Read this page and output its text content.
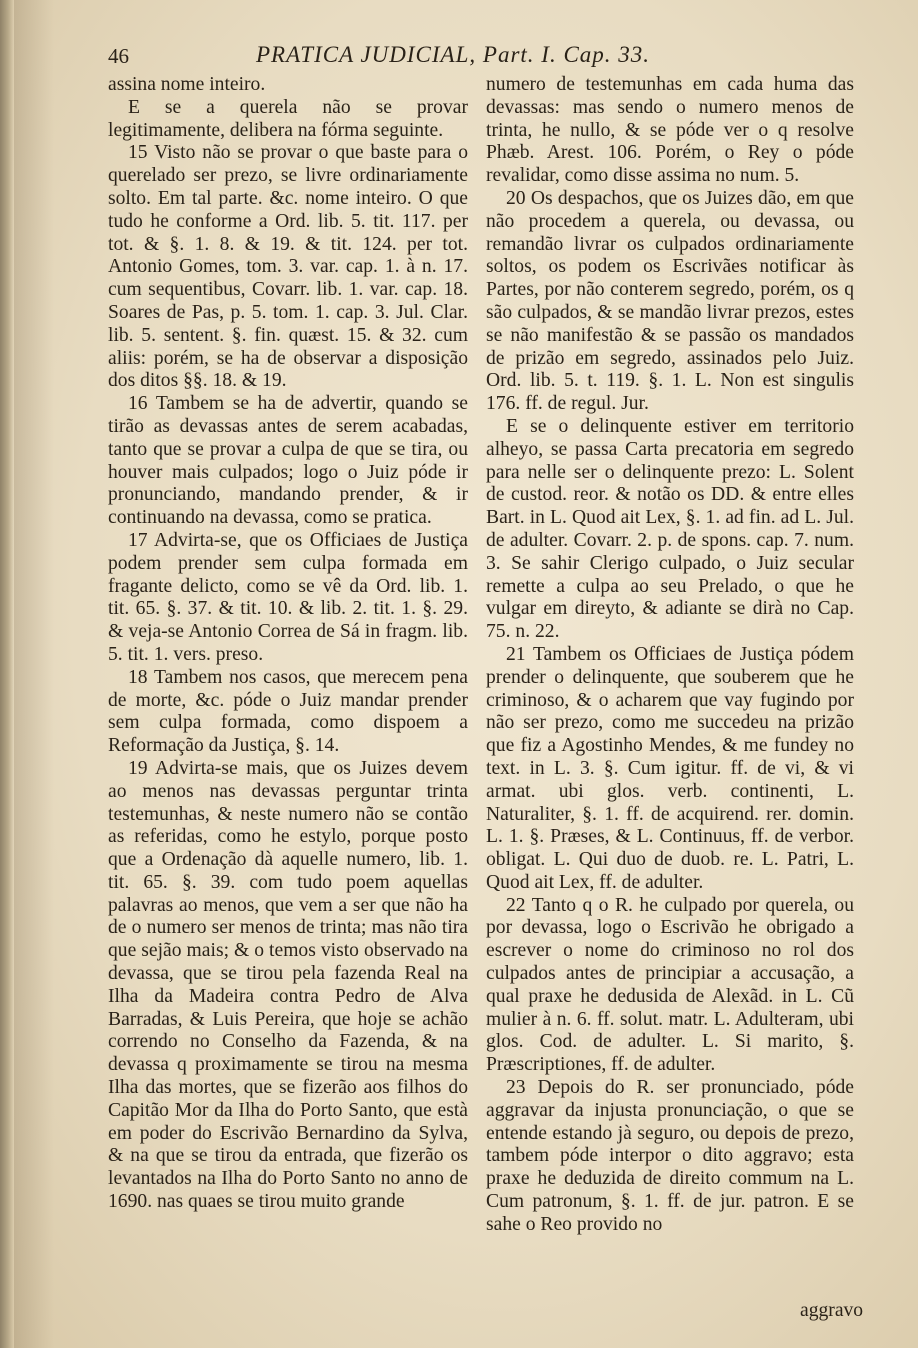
46	PRATICA JUDICIAL, Part. I. Cap. 33.

assina nome inteiro.

E se a querela não se provar legitimamente, delibera na fórma seguinte.

15 Visto não se provar o que baste para o querelado ser prezo, se livre ordinariamente solto. Em tal parte. &c. nome inteiro. O que tudo he conforme a Ord. lib. 5. tit. 117. per tot. & §. 1. 8. & 19. & tit. 124. per tot. Antonio Gomes, tom. 3. var. cap. 1. à n. 17. cum sequentibus, Covarr. lib. 1. var. cap. 18. Soares de Pas, p. 5. tom. 1. cap. 3. Jul. Clar. lib. 5. sentent. §. fin. quæst. 15. & 32. cum aliis: porém, se ha de observar a disposição dos ditos §§. 18. & 19.

16 Tambem se ha de advertir, quando se tirão as devassas antes de serem acabadas, tanto que se provar a culpa de que se tira, ou houver mais culpados; logo o Juiz póde ir pronunciando, mandando prender, & ir continuando na devassa, como se pratica.

17 Advirta-se, que os Officiaes de Justiça podem prender sem culpa formada em fragante delicto, como se vê da Ord. lib. 1. tit. 65. §. 37. & tit. 10. & lib. 2. tit. 1. §. 29. & veja-se Antonio Correa de Sá in fragm. lib. 5. tit. 1. vers. preso.

18 Tambem nos casos, que merecem pena de morte, &c. póde o Juiz mandar prender sem culpa formada, como dispoem a Reformação da Justiça, §. 14.

19 Advirta-se mais, que os Juizes devem ao menos nas devassas perguntar trinta testemunhas, & neste numero não se contão as referidas, como he estylo, porque posto que a Ordenação dà aquelle numero, lib. 1. tit. 65. §. 39. com tudo poem aquellas palavras ao menos, que vem a ser que não ha de o numero ser menos de trinta; mas não tira que sejão mais; & o temos visto observado na devassa, que se tirou pela fazenda Real na Ilha da Madeira contra Pedro de Alva Barradas, & Luis Pereira, que hoje se achão correndo no Conselho da Fazenda, & na devassa q proximamente se tirou na mesma Ilha das mortes, que se fizerão aos filhos do Capitão Mor da Ilha do Porto Santo, que està em poder do Escrivão Bernardino da Sylva, & na que se tirou da entrada, que fizerão os levantados na Ilha do Porto Santo no anno de 1690. nas quaes se tirou muito grande

numero de testemunhas em cada huma das devassas: mas sendo o numero menos de trinta, he nullo, & se póde ver o q resolve Phæb. Arest. 106. Porém, o Rey o póde revalidar, como disse assima no num. 5.

20 Os despachos, que os Juizes dão, em que não procedem a querela, ou devassa, ou remandão livrar os culpados ordinariamente soltos, os podem os Escrivães notificar às Partes, por não conterem segredo, porém, os q são culpados, & se mandão livrar prezos, estes se não manifestão & se passão os mandados de prizão em segredo, assinados pelo Juiz. Ord. lib. 5. t. 119. §. 1. L. Non est singulis 176. ff. de regul. Jur.

E se o delinquente estiver em territorio alheyo, se passa Carta precatoria em segredo para nelle ser o delinquente prezo: L. Solent de custod. reor. & notão os DD. & entre elles Bart. in L. Quod ait Lex, §. 1. ad fin. ad L. Jul. de adulter. Covarr. 2. p. de spons. cap. 7. num. 3. Se sahir Clerigo culpado, o Juiz secular remette a culpa ao seu Prelado, o que he vulgar em direyto, & adiante se dirà no Cap. 75. n. 22.

21 Tambem os Officiaes de Justiça pódem prender o delinquente, que souberem que he criminoso, & o acharem que vay fugindo por não ser prezo, como me succedeu na prizão que fiz a Agostinho Mendes, & me fundey no text. in L. 3. §. Cum igitur. ff. de vi, & vi armat. ubi glos. verb. continenti, L. Naturaliter, §. 1. ff. de acquirend. rer. domin. L. 1. §. Præses, & L. Continuus, ff. de verbor. obligat. L. Qui duo de duob. re. L. Patri, L. Quod ait Lex, ff. de adulter.

22 Tanto q o R. he culpado por querela, ou por devassa, logo o Escrivão he obrigado a escrever o nome do criminoso no rol dos culpados antes de principiar a accusação, a qual praxe he dedusida de Alexãd. in L. Cũ mulier à n. 6. ff. solut. matr. L. Adulteram, ubi glos. Cod. de adulter. L. Si marito, §. Præscriptiones, ff. de adulter.

23 Depois do R. ser pronunciado, póde aggravar da injusta pronunciação, o que se entende estando jà seguro, ou depois de prezo, tambem póde interpor o dito aggravo; esta praxe he deduzida de direito commum na L. Cum patronum, §. 1. ff. de jur. patron. E se sahe o Reo provido no

aggravo
